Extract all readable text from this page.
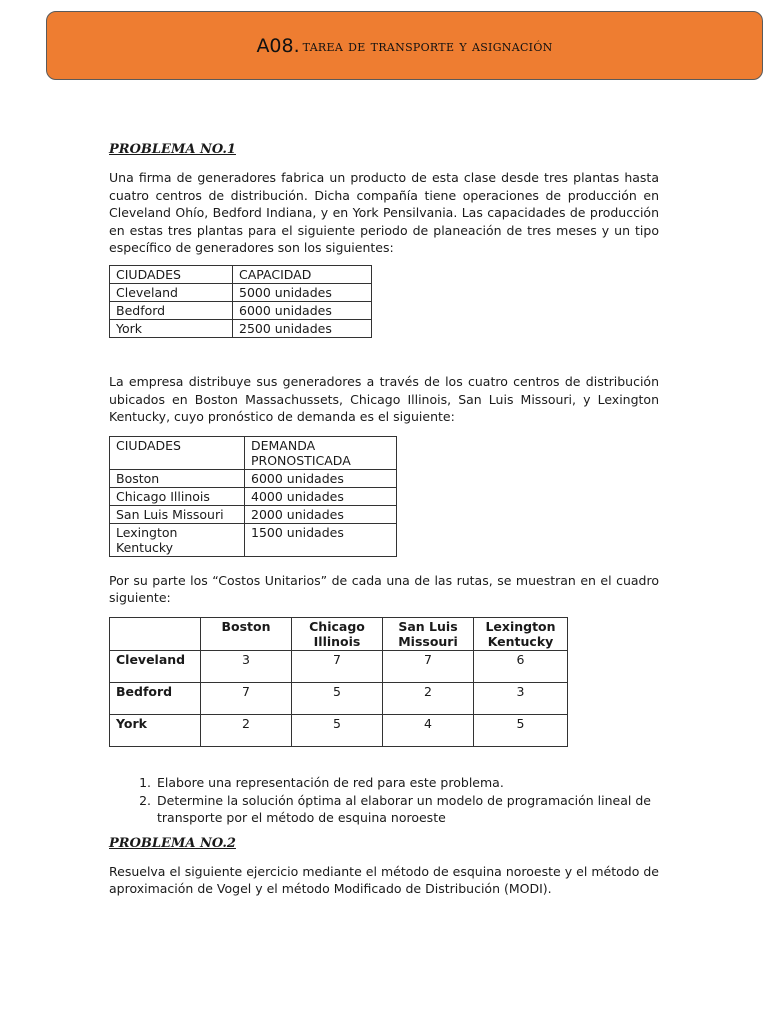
A08. tarea de transporte y asignación
PROBLEMA NO.1

Una firma de generadores fabrica un producto de esta clase desde tres plantas hasta cuatro centros de distribución. Dicha compañía tiene operaciones de producción en Cleveland Ohío, Bedford Indiana, y en York Pensilvania. Las capacidades de producción en estas tres plantas para el siguiente periodo de planeación de tres meses y un tipo específico de generadores son los siguientes:

CIUDADES	CAPACIDAD
Cleveland	5000 unidades
Bedford	6000 unidades
York	2500 unidades

La empresa distribuye sus generadores a través de los cuatro centros de distribución ubicados en Boston Massachussets, Chicago Illinois, San Luis Missouri, y Lexington Kentucky, cuyo pronóstico de demanda es el siguiente:

CIUDADES	DEMANDA PRONOSTICADA
Boston	6000 unidades
Chicago Illinois	4000 unidades
San Luis Missouri	2000 unidades
Lexington Kentucky	1500 unidades

Por su parte los “Costos Unitarios” de cada una de las rutas, se muestran en el cuadro siguiente:

	Boston	Chicago Illinois	San Luis Missouri	Lexington Kentucky
Cleveland	3	7	7	6
Bedford	7	5	2	3
York	2	5	4	5
1. Elabore una representación de red para este problema.
2. Determine la solución óptima al elaborar un modelo de programación lineal de transporte por el método de esquina noroeste
PROBLEMA NO.2

Resuelva el siguiente ejercicio mediante el método de esquina noroeste y el método de aproximación de Vogel y el método Modificado de Distribución (MODI).
